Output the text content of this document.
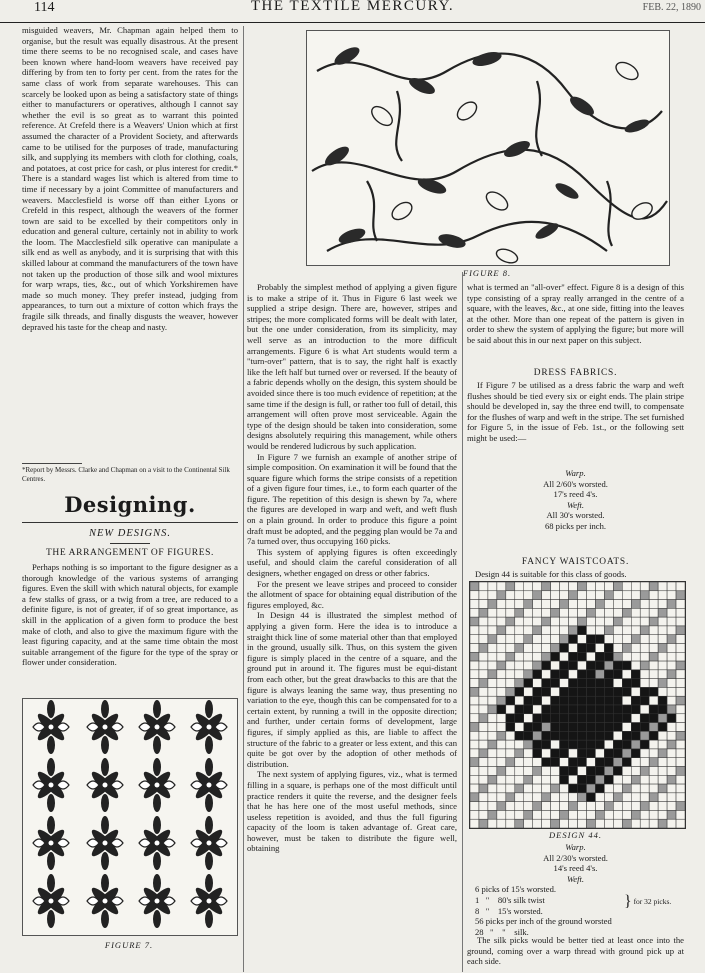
114	THE TEXTILE MERCURY.	FEB. 22, 1890

misguided weavers, Mr. Chapman again helped them to organise, but the result was equally disastrous. At the present time there seems to be no recognised scale, and cases have been known where hand-loom weavers have received pay differing by from ten to forty per cent. from the rates for the same class of work from separate warehouses. This can scarcely be looked upon as being a satisfactory state of things either to manufacturers or operatives, although I cannot say whether the evil is so great as to warrant this pointed reference. At Crefeld there is a Weavers' Union which at first assumed the character of a Provident Society, and afterwards came to be utilised for the purposes of trade, manufacturing silk, and supplying its members with cloth for clothing, coals, and potatoes, at cost price for cash, or plus interest for credit.* There is a standard wages list which is altered from time to time if necessary by a joint Committee of manufacturers and weavers. Macclesfield is worse off than either Lyons or Crefeld in this respect, although the weavers of the former town are said to be excelled by their competitors only in education and general culture, certainly not in ability to work the loom. The Macclesfield silk operative can manipulate a silk end as well as anybody, and it is surprising that with this skilled labour at command the manufacturers of the town have not taken up the production of those silk and wool mixtures for warp wraps, ties, &c., out of which Yorkshiremen have made so much money. They prefer instead, judging from appearances, to turn out a mixture of cotton which frays the fragile silk threads, and finally disgusts the weaver, however depraved his taste for the cheap and nasty.

*Report by Messrs. Clarke and Chapman on a visit to the Continental Silk Centres.
Designing.
NEW DESIGNS.
THE ARRANGEMENT OF FIGURES.

Perhaps nothing is so important to the figure designer as a thorough knowledge of the various systems of arranging figures. Even the skill with which natural objects, for example a few stalks of grass, or a twig from a tree, are reduced to a definite figure, is not of greater, if of so great importance, as skill in the application of a given form to produce the best make of cloth, and also to give the maximum figure with the least figuring capacity, and at the same time obtain the most suitable arrangement of the figure for the type of the spray or flower under consideration.

FIGURE 7.
FIGURE 8.

Probably the simplest method of applying a given figure is to make a stripe of it. Thus in Figure 6 last week we supplied a stripe design. There are, however, stripes and stripes; the more complicated forms will be dealt with later, but the one under consideration, from its simplicity, may well serve as an introduction to the more difficult arrangements. Figure 6 is what Art students would term a "turn-over" pattern, that is to say, the right half is exactly like the left half but turned over or reversed. If the beauty of a fabric depends wholly on the design, this system should be avoided since there is too much evidence of repetition; at the same time if the design is full, or rather too full of detail, this arrangement will often prove most serviceable. Again the type of the design should be taken into consideration, some designs absolutely requiring this management, while others would be rendered ludicrous by such application.

In Figure 7 we furnish an example of another stripe of simple composition. On examination it will be found that the square figure which forms the stripe consists of a repetition of a given figure four times, i.e., to form each quarter of the figure. The repetition of this design is shewn by 7a, where the figures are developed in warp and weft, and weft flush on a plain ground. In order to produce this figure a point draft must be adopted, and the pegging plan would be 7a and 7a turned over, thus occupying 160 picks.

This system of applying figures is often exceedingly useful, and should claim the careful consideration of all designers, whether engaged on dress or other fabrics.

For the present we leave stripes and proceed to consider the allotment of space for obtaining equal distribution of the figures employed, &c.

In Design 44 is illustrated the simplest method of applying a given form. Here the idea is to introduce a straight thick line of some material other than that employed in the ground, usually silk. Thus, on this system the given figure is simply placed in the centre of a square, and the ground put in around it. The figures must be equi-distant from each other, but the great drawbacks to this are that the figure is always leaning the same way, thus presenting no variation to the eye, though this can be compensated for to a certain extent, by running a twill in the opposite direction; and further, under certain forms of development, large figures, if simply applied as this, are liable to affect the structure of the fabric to a greater or less extent, and this can quite be got over by the adoption of other methods of distribution.

The next system of applying figures, viz., what is termed filling in a square, is perhaps one of the most difficult until practice renders it quite the reverse, and the designer feels that he has here one of the most useful methods, since useless repetition is avoided, and thus the full figuring capacity of the loom is taken advantage of. Great care, however, must be taken to distribute the figure well, obtaining

what is termed an "all-over" effect. Figure 8 is a design of this type consisting of a spray really arranged in the centre of a square, with the leaves, &c., at one side, fitting into the leaves at the other. More than one repeat of the pattern is given in order to shew the system of applying the figure; but more will be said about this in our next paper on this subject.

DRESS FABRICS.

If Figure 7 be utilised as a dress fabric the warp and weft flushes should be tied every six or eight ends. The plain stripe should be developed in, say the three end twill, to compensate for the flushes of warp and weft in the stripe. The set furnished for Figure 5, in the issue of Feb. 1st., or the following sett might be used:—

Warp.
All 2/60's worsted.
17's reed 4's.
Weft.
All 30's worsted.
68 picks per inch.
FANCY WAISTCOATS.
Design 44 is suitable for this class of goods.
DESIGN 44.
Warp.
All 2/30's worsted.
14's reed 4's.
Weft.
6 picks of 15's worsted.
1   "    80's silk twist
8   "    15's worsted.
56 picks per inch of the ground worsted
28   "    "    silk.
} for 32 picks.

The silk picks would be better tied at least once into the ground, coming over a warp thread with ground pick up at each side.
